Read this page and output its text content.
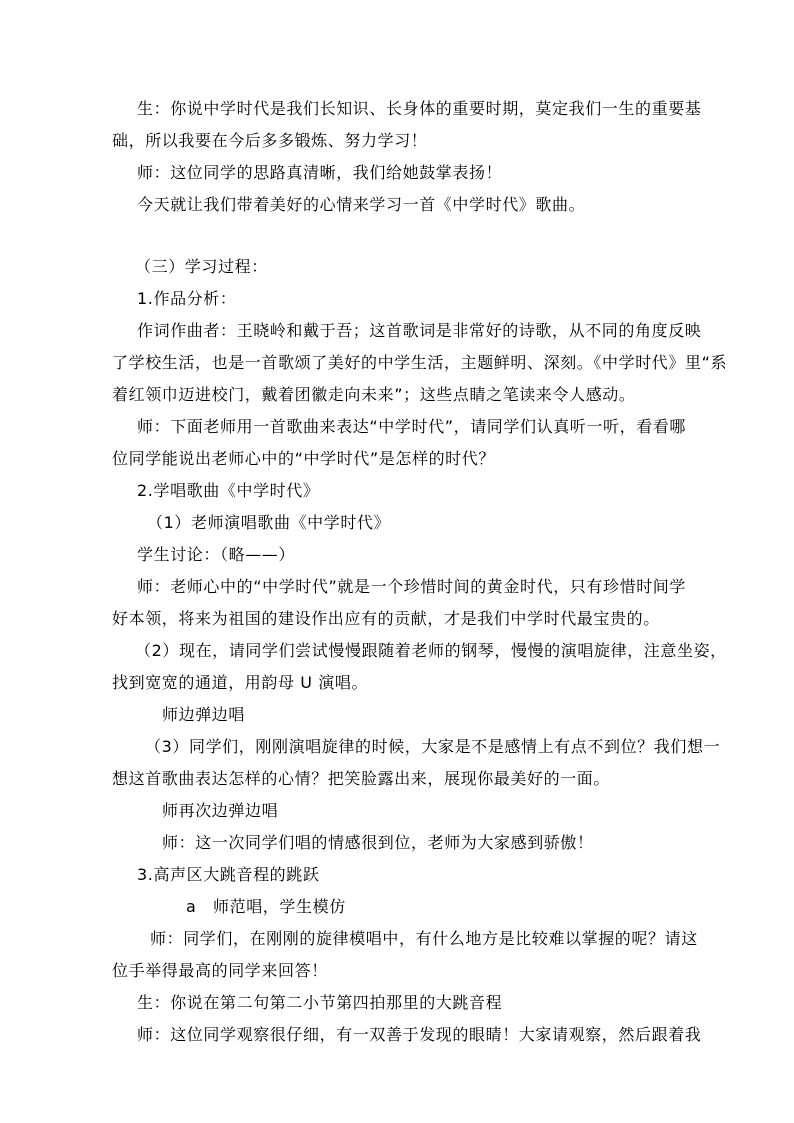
生：你说中学时代是我们长知识、长身体的重要时期，莫定我们一生的重要基
础，所以我要在今后多多锻炼、努力学习！
师：这位同学的思路真清晰，我们给她鼓掌表扬！
今天就让我们带着美好的心情来学习一首《中学时代》歌曲。
（三）学习过程：
1.作品分析：
作词作曲者：王晓岭和戴于吾；这首歌词是非常好的诗歌，从不同的角度反映
了学校生活，也是一首歌颂了美好的中学生活，主题鲜明、深刻。《中学时代》里“系
着红领巾迈进校门，戴着团徽走向未来”；这些点睛之笔读来令人感动。
师：下面老师用一首歌曲来表达“中学时代”，请同学们认真听一听，看看哪
位同学能说出老师心中的“中学时代”是怎样的时代？
2.学唱歌曲《中学时代》
（1）老师演唱歌曲《中学时代》
学生讨论：（略——）
师：老师心中的“中学时代”就是一个珍惜时间的黄金时代，只有珍惜时间学
好本领，将来为祖国的建设作出应有的贡献，才是我们中学时代最宝贵的。
（2）现在，请同学们尝试慢慢跟随着老师的钢琴，慢慢的演唱旋律，注意坐姿，
找到宽宽的通道，用韵母 U 演唱。
师边弹边唱
（3）同学们，刚刚演唱旋律的时候，大家是不是感情上有点不到位？我们想一
想这首歌曲表达怎样的心情？把笑脸露出来，展现你最美好的一面。
师再次边弹边唱
师：这一次同学们唱的情感很到位，老师为大家感到骄傲！
3.高声区大跳音程的跳跃
a　师范唱，学生模仿
师：同学们，在刚刚的旋律模唱中，有什么地方是比较难以掌握的呢？请这
位手举得最高的同学来回答！
生：你说在第二句第二小节第四拍那里的大跳音程
师：这位同学观察很仔细，有一双善于发现的眼睛！大家请观察，然后跟着我
